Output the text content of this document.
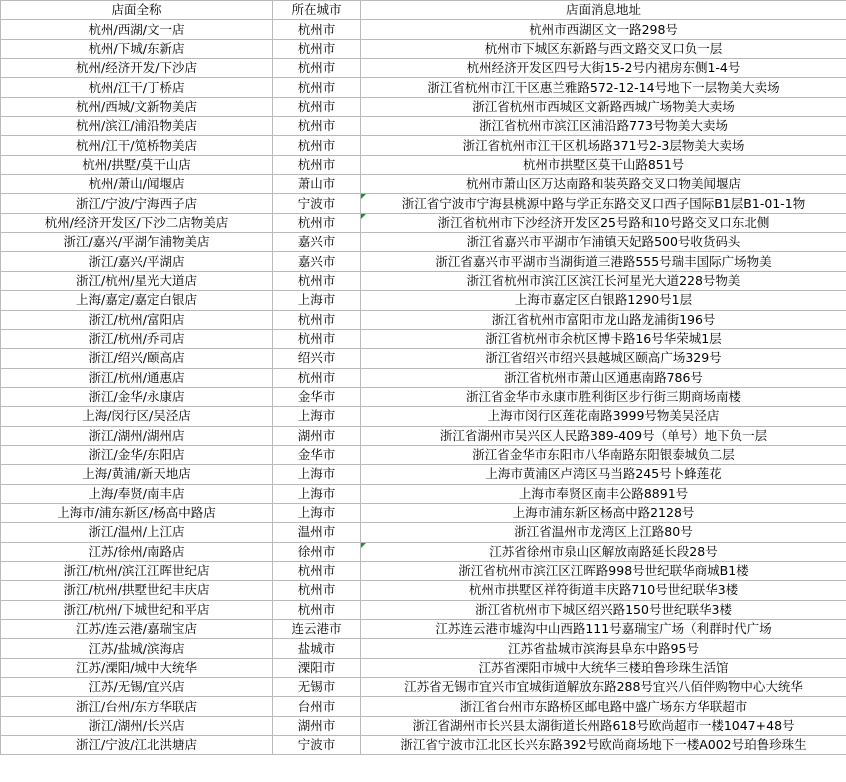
店面全称	所在城市	店面消息地址
杭州/西湖/文一店	杭州市	杭州市西湖区文一路298号
杭州/下城/东新店	杭州市	杭州市下城区东新路与西文路交叉口负一层
杭州/经济开发/下沙店	杭州市	杭州经济开发区四号大街15-2号内裙房东侧1-4号
杭州/江干/丁桥店	杭州市	浙江省杭州市江干区惠兰雅路572-12-14号地下一层物美大卖场
杭州/西城/文新物美店	杭州市	浙江省杭州市西城区文新路西城广场物美大卖场
杭州/滨江/浦沿物美店	杭州市	浙江省杭州市滨江区浦沿路773号物美大卖场
杭州/江干/笕桥物美店	杭州市	浙江省杭州市江干区机场路371号2-3层物美大卖场
杭州/拱墅/莫干山店	杭州市	杭州市拱墅区莫干山路851号
杭州/萧山/闻堰店	萧山市	杭州市萧山区万达南路和装英路交叉口物美闻堰店
浙江/宁波/宁海西子店	宁波市	浙江省宁波市宁海县桃源中路与学正东路交叉口西子国际B1层B1-01-1物

杭州/经济开发区/下沙二店物美店	杭州市	浙江省杭州市下沙经济开发区25号路和10号路交叉口东北侧

浙江/嘉兴/平湖乍浦物美店	嘉兴市	浙江省嘉兴市平湖市乍浦镇天妃路500号收货码头
浙江/嘉兴/平湖店	嘉兴市	浙江省嘉兴市平湖市当湖街道三港路555号瑞丰国际广场物美
浙江/杭州/星光大道店	杭州市	浙江省杭州市滨江区滨江长河星光大道228号物美
上海/嘉定/嘉定白银店	上海市	上海市嘉定区白银路1290号1层
浙江/杭州/富阳店	杭州市	浙江省杭州市富阳市龙山路龙浦街196号
浙江/杭州/乔司店	杭州市	浙江省杭州市余杭区博卡路16号华荣城1层
浙江/绍兴/颐高店	绍兴市	浙江省绍兴市绍兴县越城区颐高广场329号
浙江/杭州/通惠店	杭州市	浙江省杭州市萧山区通惠南路786号
浙江/金华/永康店	金华市	浙江省金华市永康市胜利街区步行街三期商场南楼
上海/闵行区/吴泾店	上海市	上海市闵行区莲花南路3999号物美吴泾店
浙江/湖州/湖州店	湖州市	浙江省湖州市吴兴区人民路389-409号（单号）地下负一层
浙江/金华/东阳店	金华市	浙江省金华市东阳市八华南路东阳银泰城负二层
上海/黄浦/新天地店	上海市	上海市黄浦区卢湾区马当路245号卜蜂莲花
上海/奉贤/南丰店	上海市	上海市奉贤区南丰公路8891号
上海市/浦东新区/杨高中路店	上海市	上海市浦东新区杨高中路2128号
浙江/温州/上江店	温州市	浙江省温州市龙湾区上江路80号
江苏/徐州/南路店	徐州市	江苏省徐州市泉山区解放南路延长段28号

浙江/杭州/滨江江晖世纪店	杭州市	浙江省杭州市滨江区江晖路998号世纪联华商城B1楼
浙江/杭州/拱墅世纪丰庆店	杭州市	杭州市拱墅区祥符街道丰庆路710号世纪联华3楼
浙江/杭州/下城世纪和平店	杭州市	浙江省杭州市下城区绍兴路150号世纪联华3楼
江苏/连云港/嘉瑞宝店	连云港市	江苏连云港市墟沟中山西路111号嘉瑞宝广场（利群时代广场
江苏/盐城/滨海店	盐城市	江苏省盐城市滨海县阜东中路95号
江苏/溧阳/城中大统华	溧阳市	江苏省溧阳市城中大统华三楼珀鲁珍珠生活馆
江苏/无锡/宜兴店	无锡市	江苏省无锡市宜兴市宜城街道解放东路288号宜兴八佰伴购物中心大统华
浙江/台州/东方华联店	台州市	浙江省台州市东路桥区邮电路中盛广场东方华联超市
浙江/湖州/长兴店	湖州市	浙江省湖州市长兴县太湖街道长州路618号欧尚超市一楼1047+48号
浙江/宁波/江北洪塘店	宁波市	浙江省宁波市江北区长兴东路392号欧尚商场地下一楼A002号珀鲁珍珠生
